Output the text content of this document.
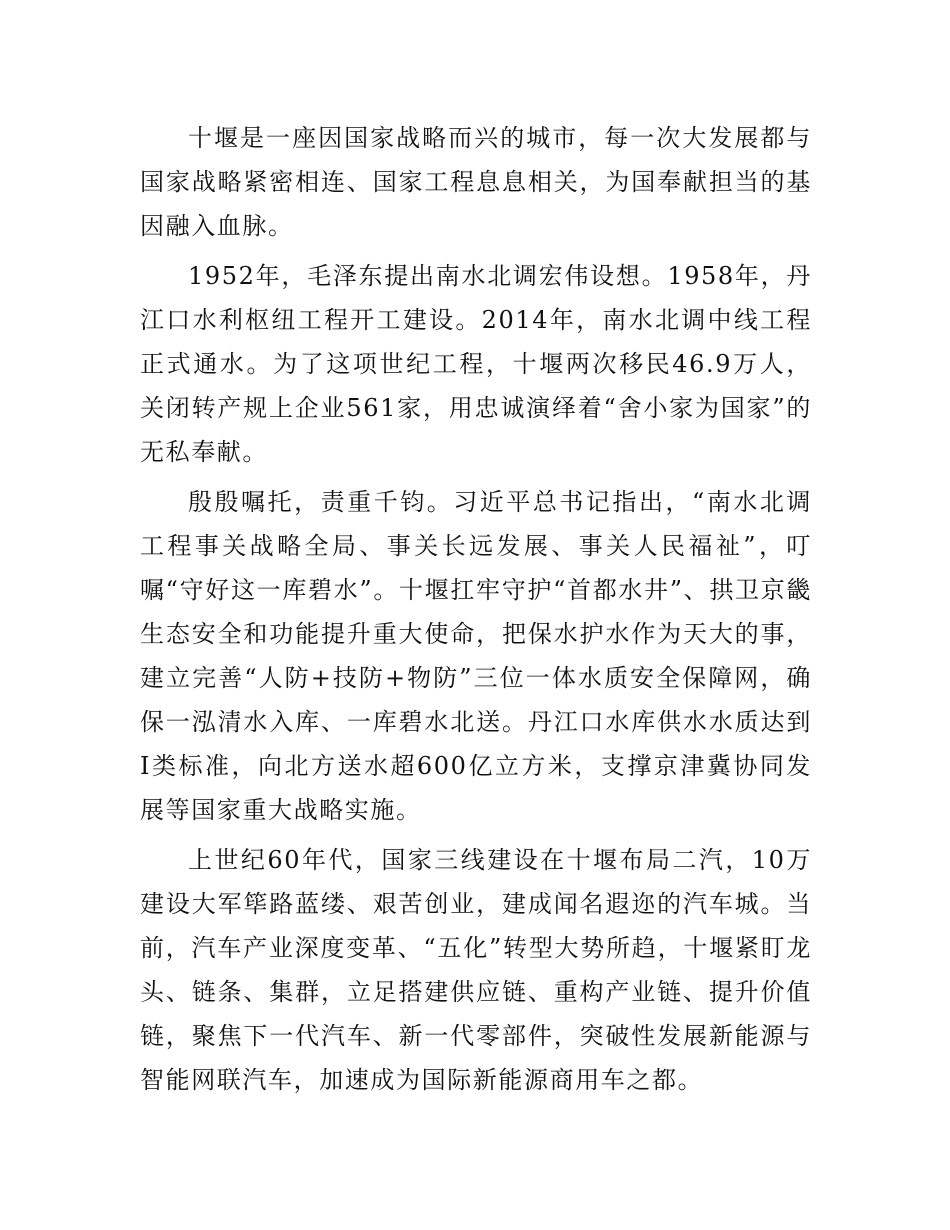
十堰是一座因国家战略而兴的城市，每一次大发展都与国家战略紧密相连、国家工程息息相关，为国奉献担当的基因融入血脉。

1952年，毛泽东提出南水北调宏伟设想。1958年，丹江口水利枢纽工程开工建设。2014年，南水北调中线工程正式通水。为了这项世纪工程，十堰两次移民46.9万人，关闭转产规上企业561家，用忠诚演绎着“舍小家为国家”的无私奉献。

殷殷嘱托，责重千钧。习近平总书记指出，“南水北调工程事关战略全局、事关长远发展、事关人民福祉”，叮嘱“守好这一库碧水”。十堰扛牢守护“首都水井”、拱卫京畿生态安全和功能提升重大使命，把保水护水作为天大的事，建立完善“人防+技防+物防”三位一体水质安全保障网，确保一泓清水入库、一库碧水北送。丹江口水库供水水质达到Ⅰ类标准，向北方送水超600亿立方米，支撑京津冀协同发展等国家重大战略实施。

上世纪60年代，国家三线建设在十堰布局二汽，10万建设大军筚路蓝缕、艰苦创业，建成闻名遐迩的汽车城。当前，汽车产业深度变革、“五化”转型大势所趋，十堰紧盯龙头、链条、集群，立足搭建供应链、重构产业链、提升价值链，聚焦下一代汽车、新一代零部件，突破性发展新能源与智能网联汽车，加速成为国际新能源商用车之都。
